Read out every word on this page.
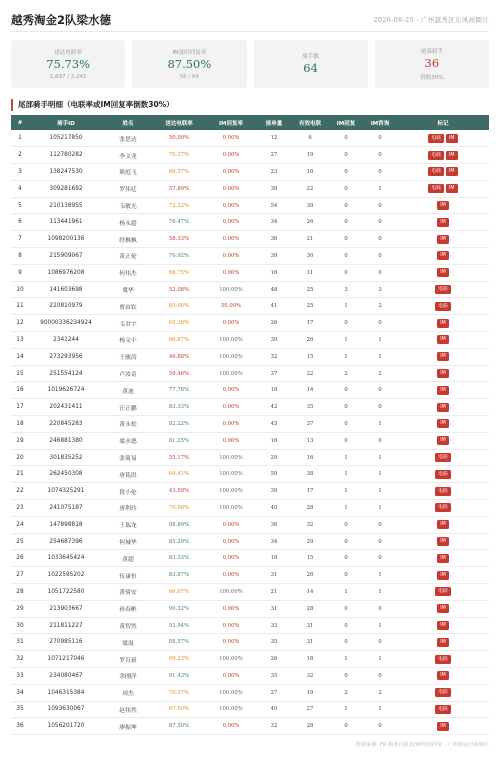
越秀淘金2队梁水德	2026-08-25 · 广州越秀区东风商圈片
送达电联率
75.73%
1,697 / 2,241
IM及时回复率
87.50%
56 / 64
骑手数
64
尾部骑手
36
倒数30%
尾部骑手明细（电联率或IM回复率倒数30%）
#	骑手ID	姓名	送达电联率	IM回复率	接单量	有效电联	IM回复	IM咨询	标记
1	105217850	张思达	50.00%	0.00%	12	6	0	0	电联 IM
2	112780282	李文龙	70.37%	0.00%	27	19	0	0	电联 IM
3	138247530	熊庭飞	69.57%	0.00%	23	16	0	0	电联 IM
4	309281692	罗伟廷	57.89%	0.00%	38	22	0	1	电联 IM
5	210138955	韦敏光	72.22%	0.00%	54	39	0	0	IM
6	113441961	杨永超	76.47%	0.00%	34	26	0	0	IM
7	1098200136	经枫枫	58.33%	0.00%	36	21	0	0	IM
8	215909067	黄正伦	76.92%	0.00%	39	30	0	0	IM
9	1086976208	何伟杰	68.75%	0.00%	16	11	0	0	IM
10	141603698	冀华	52.08%	100.00%	48	25	3	3	电联
11	220810979	贾由钦	60.00%	50.00%	41	25	1	2	电联
12	90000336234924	韦君宇	65.38%	0.00%	26	17	0	0	IM
13	2341244	杨文丰	66.67%	100.00%	39	26	1	1	IM
14	273293956	王骏涛	46.88%	100.00%	32	15	1	1	IM
15	251554124	卢汝奇	59.46%	100.00%	37	22	2	2	IM
16	1019626724	黄迪	77.78%	0.00%	18	14	0	0	IM
17	202431411	汪正鹏	83.33%	0.00%	42	35	0	0	IM
18	220845283	黄永松	82.22%	0.00%	45	37	0	1	IM
19	246881380	梁水德	81.25%	0.00%	16	13	0	0	IM
20	301835252	张简易	55.17%	100.00%	29	16	1	1	电联
21	262450308	唐铭洪	64.41%	100.00%	59	38	1	1	电联
22	1074325291	段小伦	43.59%	100.00%	39	17	1	1	电联
23	241075187	唐利玲	70.00%	100.00%	40	28	1	1	电联
24	147898818	王瑞龙	88.89%	0.00%	36	32	0	0	IM
25	254687396	何城华	85.29%	0.00%	34	29	0	0	IM
26	1033645424	黄超	83.33%	0.00%	18	15	0	0	IM
27	1022595202	伍康恒	83.87%	0.00%	31	26	0	1	IM
28	1051722580	黄骑安	66.67%	100.00%	21	14	1	1	电联
29	213903667	孙春彬	90.32%	0.00%	31	28	0	0	IM
30	211811227	黄智然	93.94%	0.00%	33	31	0	1	IM
31	270985116	梁湿	88.57%	0.00%	35	31	0	0	IM
32	1071217046	罗育新	69.23%	100.00%	26	18	1	1	电联
33	234080467	余刚洋	91.43%	0.00%	35	32	0	0	IM
34	1046315384	周杰	70.37%	100.00%	27	19	2	2	电联
35	1093630067	赵伟然	67.50%	100.00%	40	27	1	1	电联
36	1056201720	廖振坤	87.50%	0.00%	32	28	0	0	IM
数据来源: FR 服务日报表/IM及时回复 · 广州骑运行商城区
